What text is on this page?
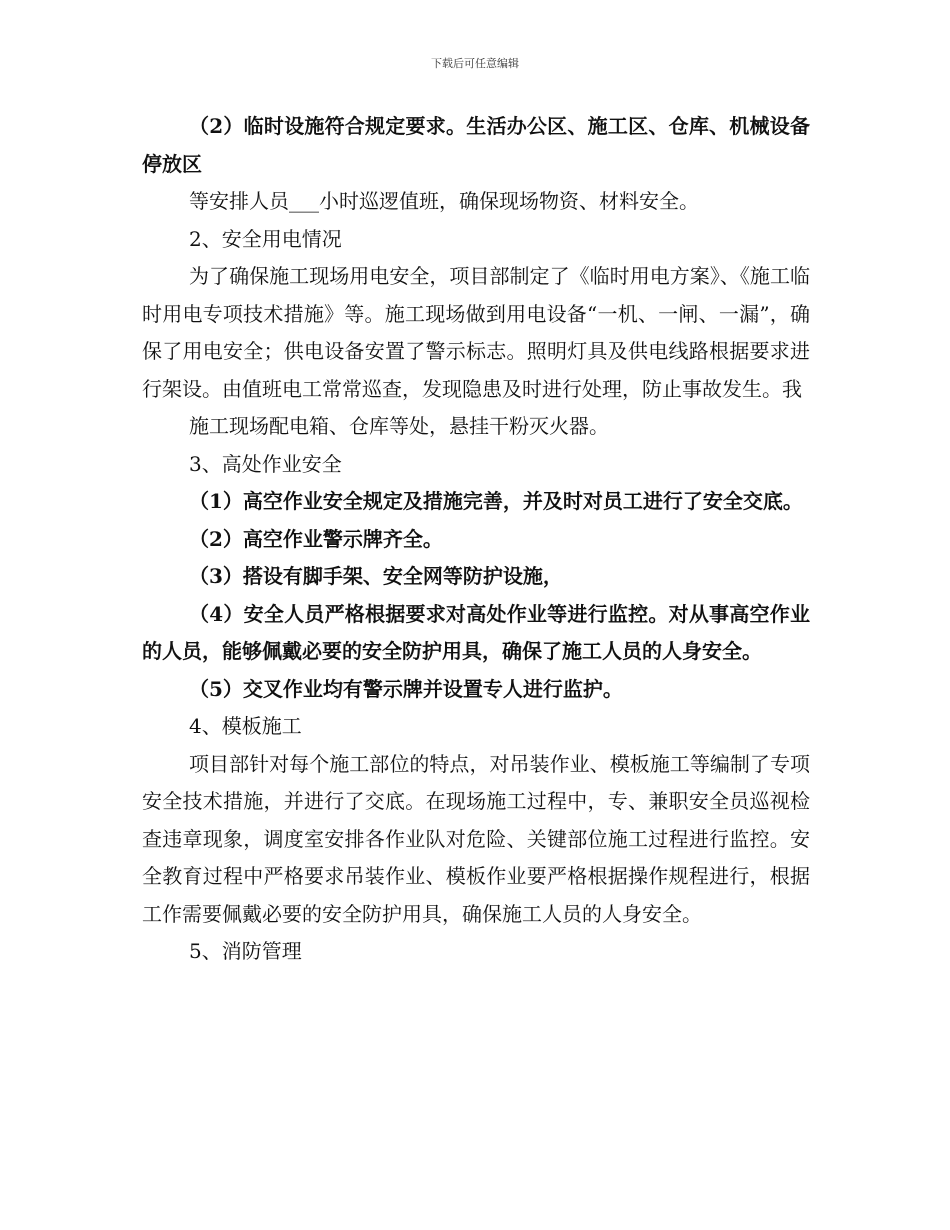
下载后可任意编辑

（2）临时设施符合规定要求。生活办公区、施工区、仓库、机械设备停放区

等安排人员___小时巡逻值班，确保现场物资、材料安全。

2、安全用电情况

为了确保施工现场用电安全，项目部制定了《临时用电方案》、《施工临时用电专项技术措施》等。施工现场做到用电设备“一机、一闸、一漏”，确保了用电安全；供电设备安置了警示标志。照明灯具及供电线路根据要求进行架设。由值班电工常常巡查，发现隐患及时进行处理，防止事故发生。我

施工现场配电箱、仓库等处，悬挂干粉灭火器。

3、高处作业安全

（1）高空作业安全规定及措施完善，并及时对员工进行了安全交底。

（2）高空作业警示牌齐全。

（3）搭设有脚手架、安全网等防护设施，

（4）安全人员严格根据要求对高处作业等进行监控。对从事高空作业的人员，能够佩戴必要的安全防护用具，确保了施工人员的人身安全。

（5）交叉作业均有警示牌并设置专人进行监护。

4、模板施工

项目部针对每个施工部位的特点，对吊装作业、模板施工等编制了专项安全技术措施，并进行了交底。在现场施工过程中，专、兼职安全员巡视检查违章现象，调度室安排各作业队对危险、关键部位施工过程进行监控。安全教育过程中严格要求吊装作业、模板作业要严格根据操作规程进行，根据工作需要佩戴必要的安全防护用具，确保施工人员的人身安全。

5、消防管理
